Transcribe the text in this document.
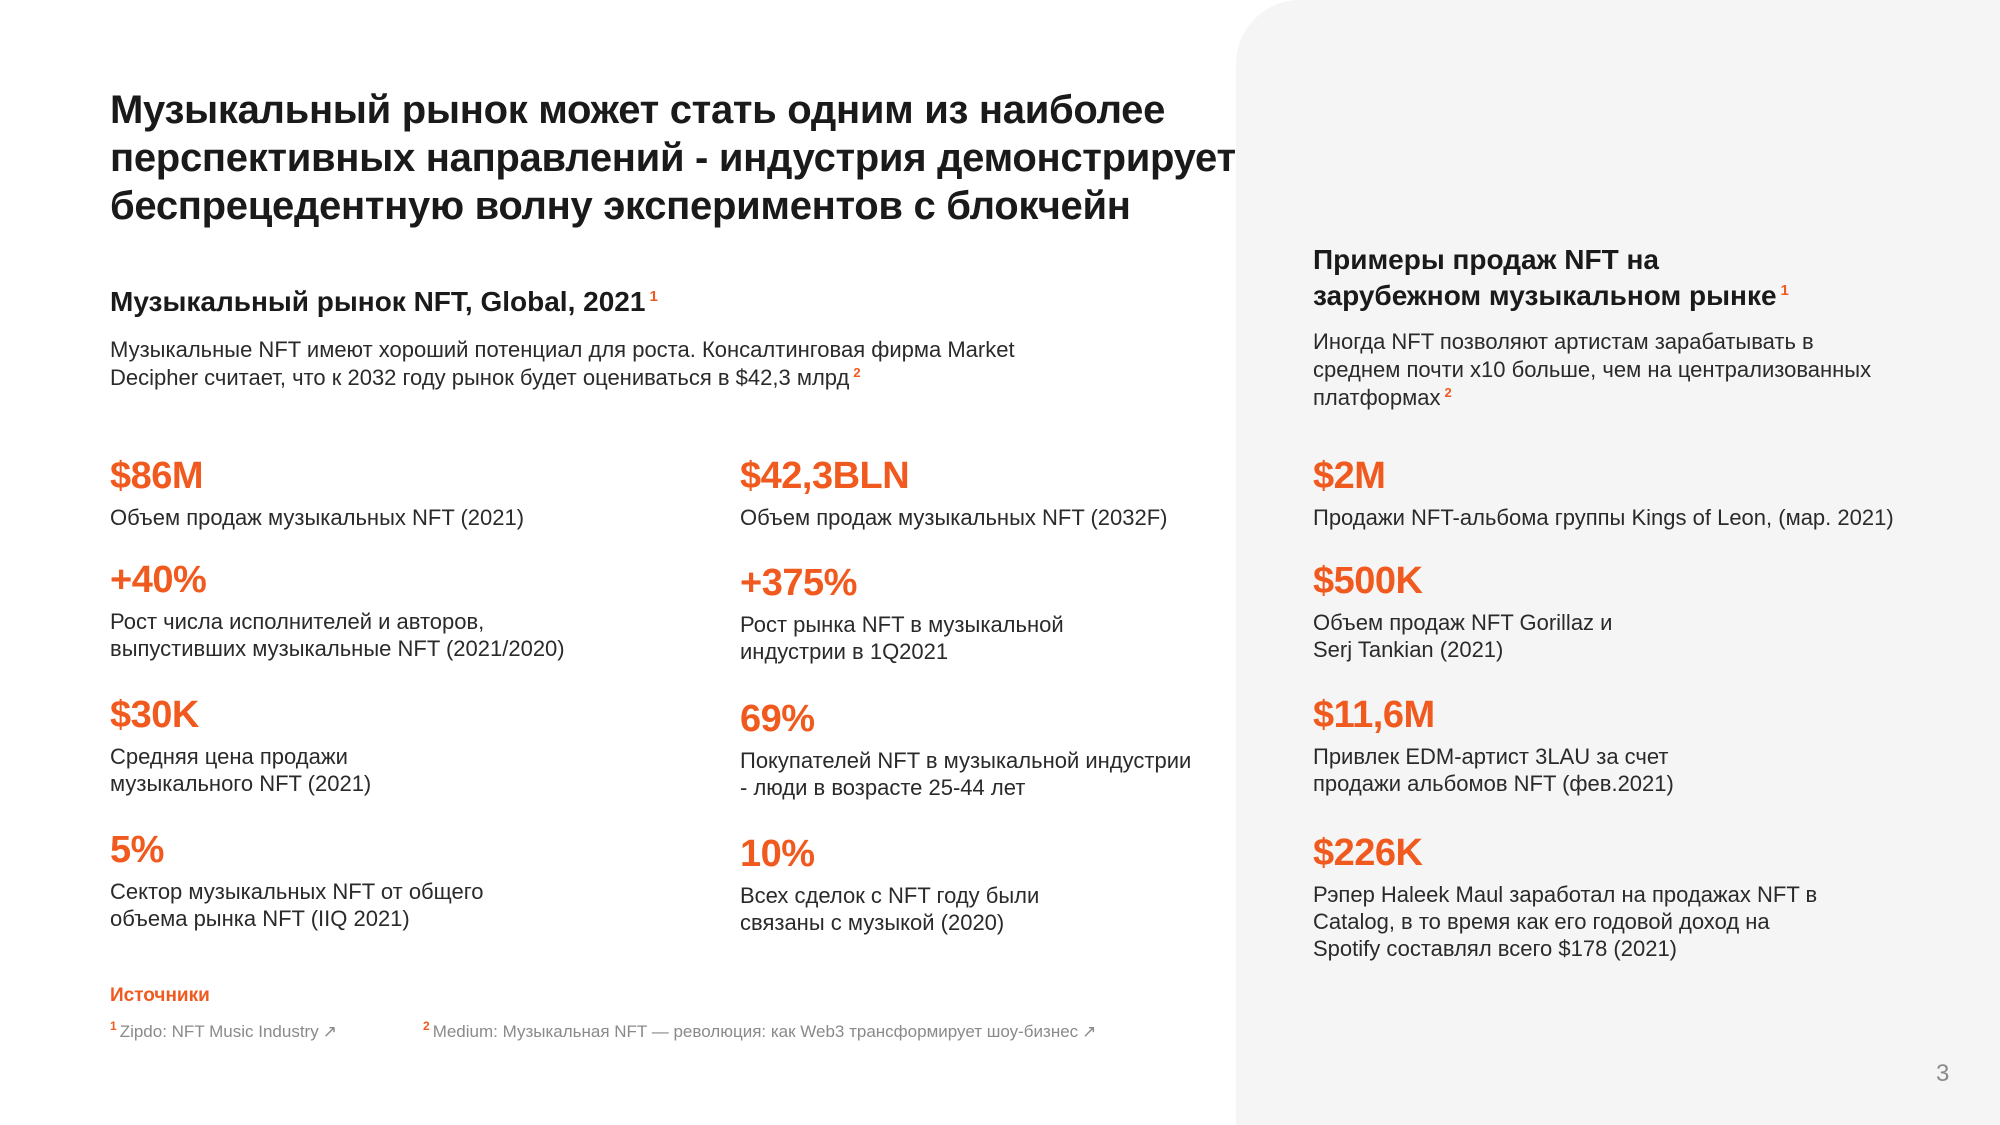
Музыкальный рынок может стать одним из наиболее перспективных направлений - индустрия демонстрирует беспрецедентную волну экспериментов с блокчейн
Музыкальный рынок NFT, Global, 2021 $^1$
Музыкальные NFT имеют хороший потенциал для роста. Консалтинговая фирма Market Decipher считает, что к 2032 году рынок будет оцениваться в $42,3 млрд $^2$
$86M
Объем продаж музыкальных NFT (2021)
+40%
Рост числа исполнителей и авторов, выпустивших музыкальные NFT (2021/2020)
$30K
Средняя цена продажи музыкального NFT (2021)
5%
Сектор музыкальных NFT от общего объема рынка NFT (IIQ 2021)
$42,3BLN
Объем продаж музыкальных NFT (2032F)
+375%
Рост рынка NFT в музыкальной индустрии в 1Q2021
69%
Покупателей NFT в музыкальной индустрии - люди в возрасте 25-44 лет
10%
Всех сделок с NFT году были связаны с музыкой (2020)
Примеры продаж NFT на зарубежном музыкальном рынке $^1$
Иногда NFT позволяют артистам зарабатывать в среднем почти x10 больше, чем на централизованных платформах $^2$
$2M
Продажи NFT-альбома группы Kings of Leon, (мар. 2021)
$500K
Объем продаж NFT Gorillaz и Serj Tankian (2021)
$11,6M
Привлек EDM-артист 3LAU за счет продажи альбомов NFT (фев.2021)
$226K
Рэпер Haleek Maul заработал на продажах NFT в Catalog, в то время как его годовой доход на Spotify составлял всего $178 (2021)
Источники
$^1$ Zipdo: NFT Music Industry ↗	$^2$ Medium: Музыкальная NFT — революция: как Web3 трансформирует шоу-бизнес ↗
3
